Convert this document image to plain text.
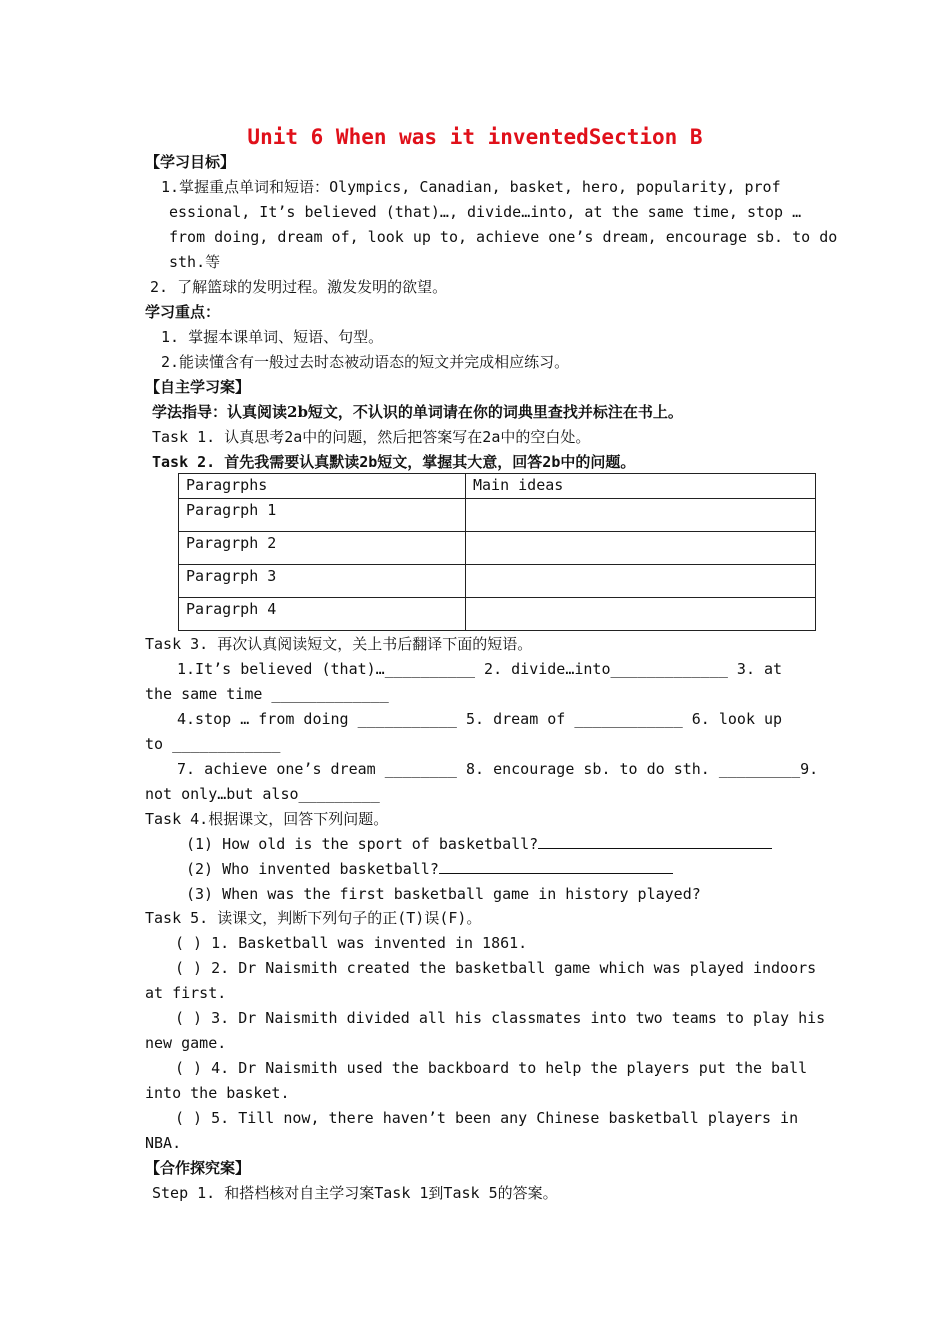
Unit 6 When was it inventedSection B
【学习目标】
1.掌握重点单词和短语：Olympics, Canadian, basket, hero, popularity, prof
essional, It’s believed (that)…, divide…into, at the same time, stop …
from doing, dream of, look up to, achieve one’s dream, encourage sb. to do
sth.等
2. 了解篮球的发明过程。激发发明的欲望。
学习重点：
1. 掌握本课单词、短语、句型。
2.能读懂含有一般过去时态被动语态的短文并完成相应练习。
【自主学习案】
学法指导：认真阅读2b短文，不认识的单词请在你的词典里查找并标注在书上。
Task 1. 认真思考2a中的问题，然后把答案写在2a中的空白处。
Task 2. 首先我需要认真默读2b短文，掌握其大意，回答2b中的问题。
Paragrphs	Main ideas
Paragrph 1	
Paragrph 2	
Paragrph 3	
Paragrph 4	
Task 3. 再次认真阅读短文，关上书后翻译下面的短语。
1.It’s believed (that)…__________ 2. divide…into_____________ 3. at
the same time _____________
4.stop … from doing ___________ 5. dream of ____________ 6. look up
to ____________
7. achieve one’s dream ________ 8. encourage sb. to do sth. _________9.
not only…but also_________
Task 4.根据课文，回答下列问题。
(1) How old is the sport of basketball?
(2) Who invented basketball?
(3) When was the first basketball game in history played?
Task 5. 读课文，判断下列句子的正(T)误(F)。
( ) 1. Basketball was invented in 1861.
( ) 2. Dr Naismith created the basketball game which was played indoors
at first.
( ) 3. Dr Naismith divided all his classmates into two teams to play his
new game.
( ) 4. Dr Naismith used the backboard to help the players put the ball
into the basket.
( ) 5. Till now, there haven’t been any Chinese basketball players in
NBA.
【合作探究案】
Step 1. 和搭档核对自主学习案Task 1到Task 5的答案。
